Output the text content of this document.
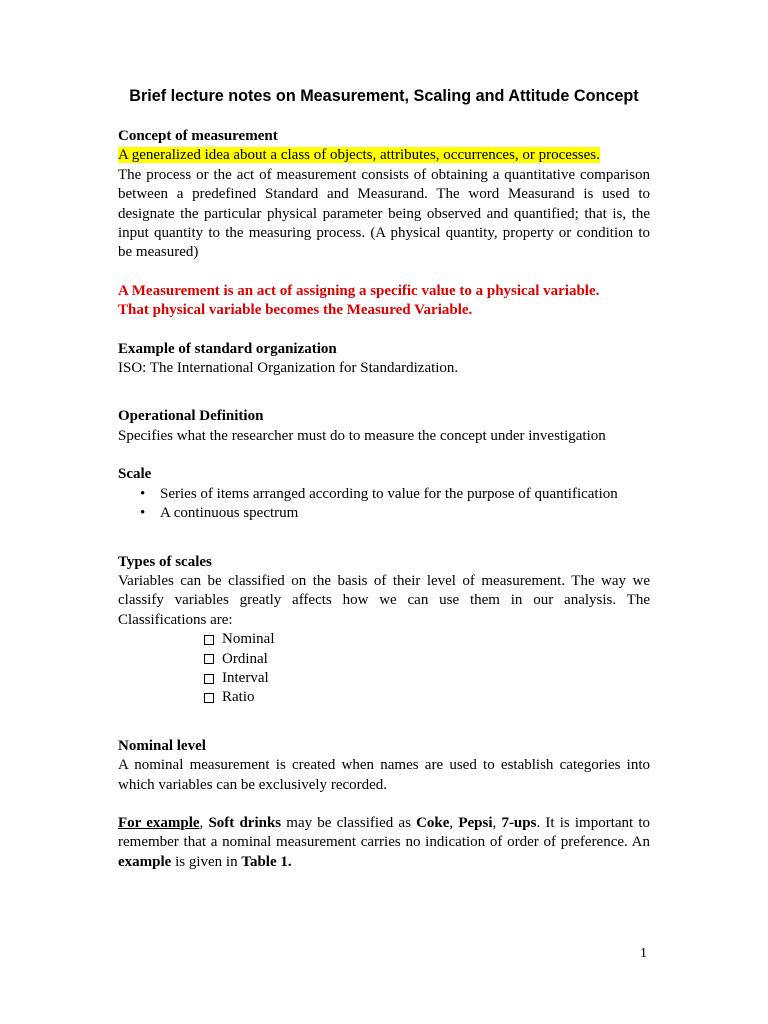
Brief lecture notes on Measurement, Scaling and Attitude Concept
Concept of measurement
A generalized idea about a class of objects, attributes, occurrences, or processes.
The process or the act of measurement consists of obtaining a quantitative comparison between a predefined Standard and Measurand. The word Measurand is used to designate the particular physical parameter being observed and quantified; that is, the input quantity to the measuring process. (A physical quantity, property or condition to be measured)
A Measurement is an act of assigning a specific value to a physical variable.
That physical variable becomes the Measured Variable.
Example of standard organization
ISO: The International Organization for Standardization.
Operational Definition
Specifies what the researcher must do to measure the concept under investigation
Scale
• Series of items arranged according to value for the purpose of quantification
• A continuous spectrum
Types of scales
Variables can be classified on the basis of their level of measurement. The way we classify variables greatly affects how we can use them in our analysis. The Classifications are:
Nominal
Ordinal
Interval
Ratio
Nominal level
A nominal measurement is created when names are used to establish categories into which variables can be exclusively recorded.
For example, Soft drinks may be classified as Coke, Pepsi, 7-ups. It is important to remember that a nominal measurement carries no indication of order of preference. An example is given in Table 1.
1
